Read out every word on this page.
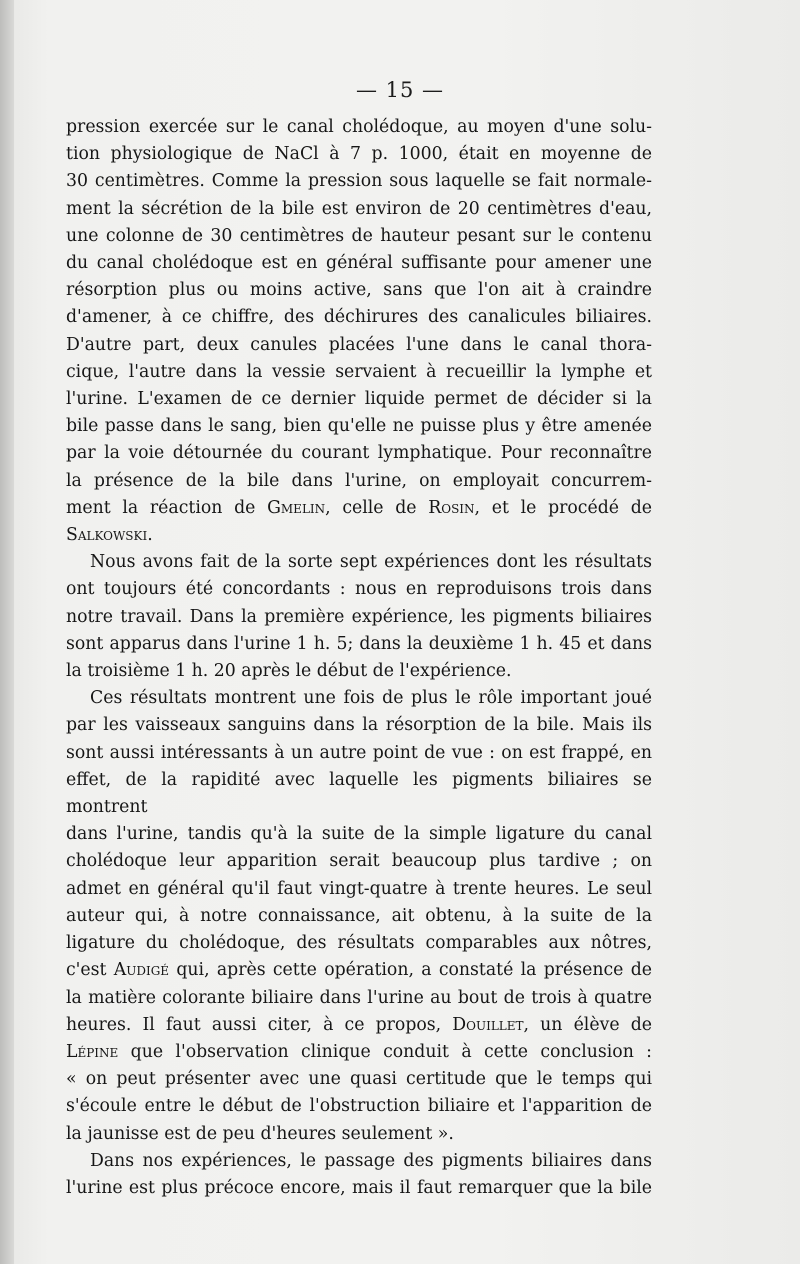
— 15 —
pression exercée sur le canal cholédoque, au moyen d'une solu-
tion physiologique de NaCl à 7 p. 1000, était en moyenne de
30 centimètres. Comme la pression sous laquelle se fait normale-
ment la sécrétion de la bile est environ de 20 centimètres d'eau,
une colonne de 30 centimètres de hauteur pesant sur le contenu
du canal cholédoque est en général suffisante pour amener une
résorption plus ou moins active, sans que l'on ait à craindre
d'amener, à ce chiffre, des déchirures des canalicules biliaires.
D'autre part, deux canules placées l'une dans le canal thora-
cique, l'autre dans la vessie servaient à recueillir la lymphe et
l'urine. L'examen de ce dernier liquide permet de décider si la
bile passe dans le sang, bien qu'elle ne puisse plus y être amenée
par la voie détournée du courant lymphatique. Pour reconnaître
la présence de la bile dans l'urine, on employait concurrem-
ment la réaction de Gmelin, celle de Rosin, et le procédé de
Salkowski.
Nous avons fait de la sorte sept expériences dont les résultats
ont toujours été concordants : nous en reproduisons trois dans
notre travail. Dans la première expérience, les pigments biliaires
sont apparus dans l'urine 1 h. 5; dans la deuxième 1 h. 45 et dans
la troisième 1 h. 20 après le début de l'expérience.
Ces résultats montrent une fois de plus le rôle important joué
par les vaisseaux sanguins dans la résorption de la bile. Mais ils
sont aussi intéressants à un autre point de vue : on est frappé, en
effet, de la rapidité avec laquelle les pigments biliaires se montrent
dans l'urine, tandis qu'à la suite de la simple ligature du canal
cholédoque leur apparition serait beaucoup plus tardive ; on
admet en général qu'il faut vingt-quatre à trente heures. Le seul
auteur qui, à notre connaissance, ait obtenu, à la suite de la
ligature du cholédoque, des résultats comparables aux nôtres,
c'est Audigé qui, après cette opération, a constaté la présence de
la matière colorante biliaire dans l'urine au bout de trois à quatre
heures. Il faut aussi citer, à ce propos, Douillet, un élève de
Lépine que l'observation clinique conduit à cette conclusion :
« on peut présenter avec une quasi certitude que le temps qui
s'écoule entre le début de l'obstruction biliaire et l'apparition de
la jaunisse est de peu d'heures seulement ».
Dans nos expériences, le passage des pigments biliaires dans
l'urine est plus précoce encore, mais il faut remarquer que la bile
